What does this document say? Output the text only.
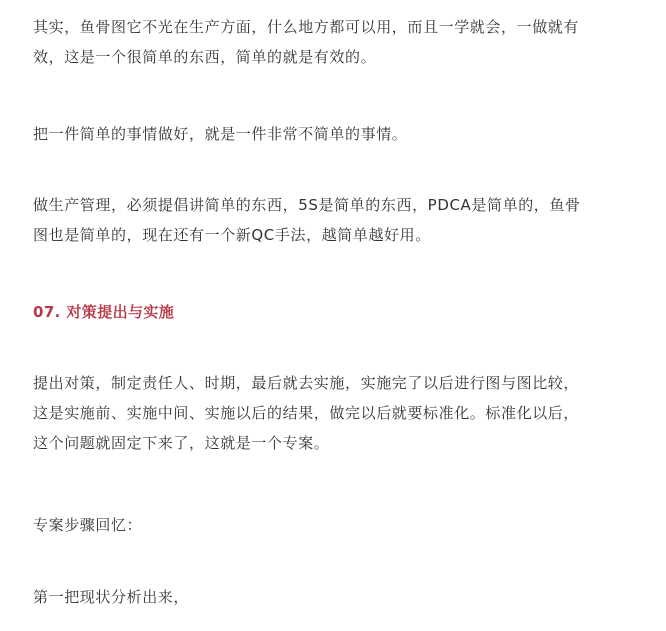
其实，鱼骨图它不光在生产方面，什么地方都可以用，而且一学就会，一做就有
效，这是一个很简单的东西，简单的就是有效的。

把一件简单的事情做好，就是一件非常不简单的事情。

做生产管理，必须提倡讲简单的东西，5S是简单的东西，PDCA是简单的，鱼骨
图也是简单的，现在还有一个新QC手法，越简单越好用。

07. 对策提出与实施

提出对策，制定责任人、时期，最后就去实施，实施完了以后进行图与图比较，
这是实施前、实施中间、实施以后的结果，做完以后就要标准化。标准化以后，
这个问题就固定下来了，这就是一个专案。

专案步骤回忆：

第一把现状分析出来，
